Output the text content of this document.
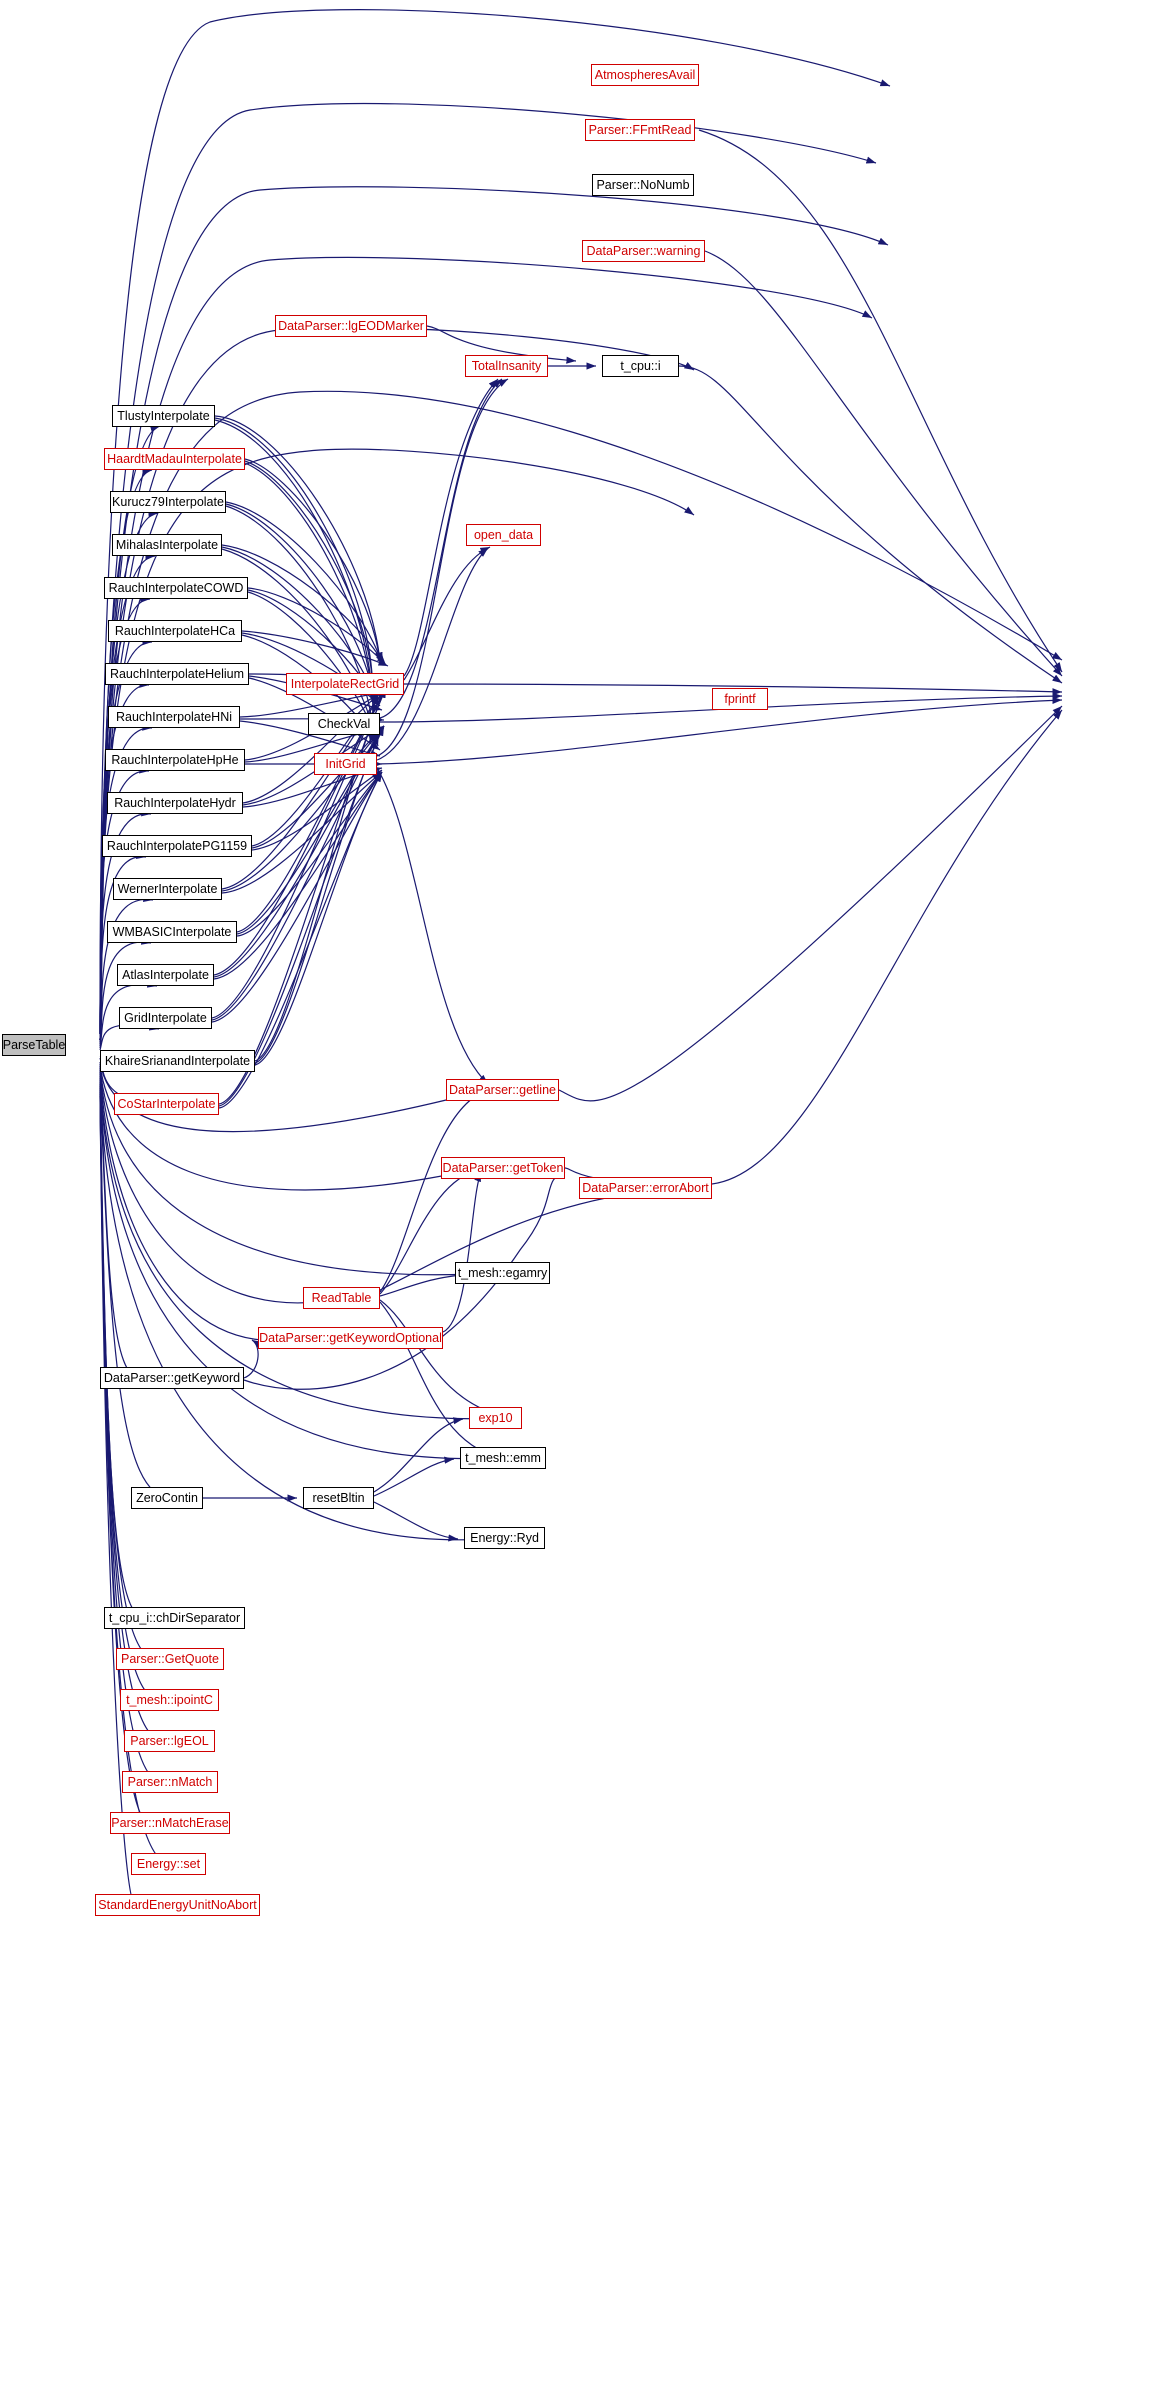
ParseTable
TlustyInterpolate
HaardtMadauInterpolate
Kurucz79Interpolate
MihalasInterpolate
RauchInterpolateCOWD
RauchInterpolateHCa
RauchInterpolateHelium
RauchInterpolateHNi
RauchInterpolateHpHe
RauchInterpolateHydr
RauchInterpolatePG1159
WernerInterpolate
WMBASICInterpolate
AtlasInterpolate
GridInterpolate
KhaireSrianandInterpolate
CoStarInterpolate
DataParser::lgEODMarker
TotalInsanity	t_cpu::i
AtmospheresAvail
Parser::FFmtRead
Parser::NoNumb
DataParser::warning
open_data
InterpolateRectGrid
CheckVal
InitGrid
fprintf
DataParser::getline
DataParser::getToken
DataParser::errorAbort
t_mesh::egamry
ReadTable
DataParser::getKeywordOptional
DataParser::getKeyword
exp10
t_mesh::emm
ZeroContin	resetBltin
Energy::Ryd
t_cpu_i::chDirSeparator
Parser::GetQuote
t_mesh::ipointC
Parser::lgEOL
Parser::nMatch
Parser::nMatchErase
Energy::set
StandardEnergyUnitNoAbort
